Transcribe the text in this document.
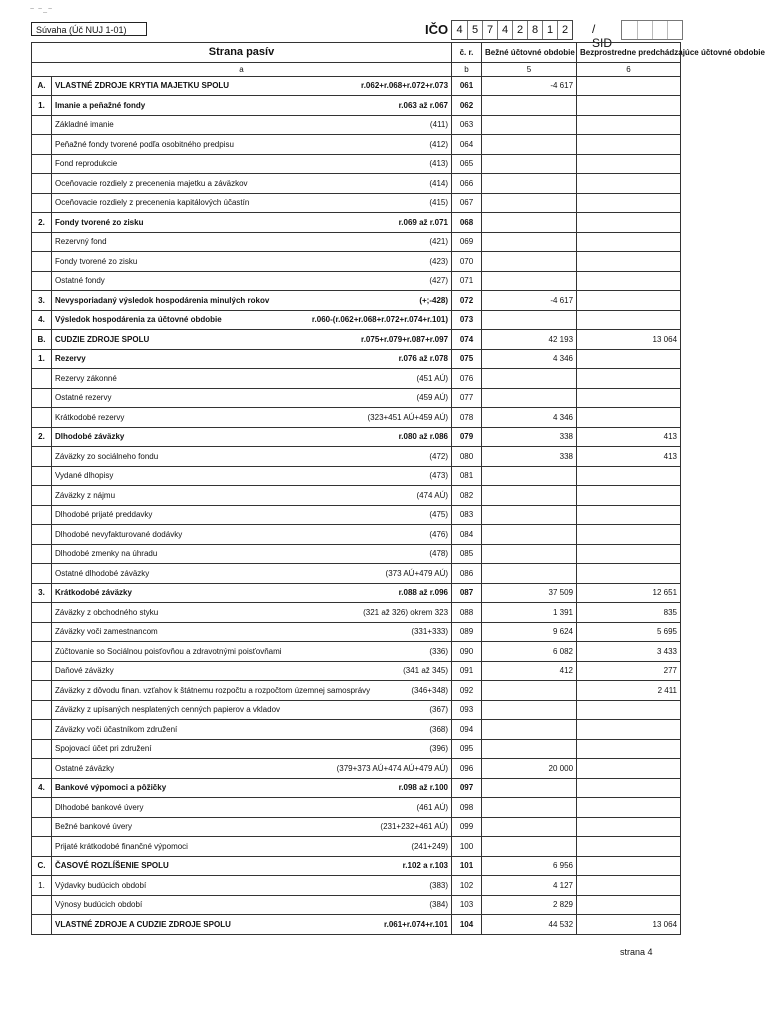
~ ~_~
Súvaha (Úč NUJ 1-01)	IČO 4 5 7 4 2 8 1 2	/ SID
Strana pasív		č. r.	Bežné účtovné obdobie	Bezprostredne predchádzajúce účtovné obdobie
a		b	5	6
A.	VLASTNÉ ZDROJE KRYTIA MAJETKU SPOLU r.062+r.068+r.072+r.073	061	-4 617	
1.	Imanie a peňažné fondy r.063 až r.067	062		

	Základné imanie (411)	063		

	Peňažné fondy tvorené podľa osobitného predpisu (412)	064		

	Fond reprodukcie (413)	065		

	Oceňovacie rozdiely z precenenia majetku a záväzkov (414)	066		

	Oceňovacie rozdiely z precenenia kapitálových účastín (415)	067		
2.	Fondy tvorené zo zisku r.069 až r.071	068		

	Rezervný fond (421)	069		

	Fondy tvorené zo zisku (423)	070		

	Ostatné fondy (427)	071		
3.	Nevysporiadaný výsledok hospodárenia minulých rokov (+;-428)	072	-4 617	
4.	Výsledok hospodárenia za účtovné obdobie r.060-(r.062+r.068+r.072+r.074+r.101)	073		
B.	CUDZIE ZDROJE SPOLU r.075+r.079+r.087+r.097	074	42 193	13 064
1.	Rezervy r.076 až r.078	075	4 346	

	Rezervy zákonné (451 AÚ)	076		

	Ostatné rezervy (459 AÚ)	077		

	Krátkodobé rezervy (323+451 AÚ+459 AÚ)	078	4 346	
2.	Dlhodobé záväzky r.080 až r.086	079	338	413

	Záväzky zo sociálneho fondu (472)	080	338	413

	Vydané dlhopisy (473)	081		

	Záväzky z nájmu (474 AÚ)	082		

	Dlhodobé prijaté preddavky (475)	083		

	Dlhodobé nevyfakturované dodávky (476)	084		

	Dlhodobé zmenky na úhradu (478)	085		

	Ostatné dlhodobé záväzky (373 AÚ+479 AÚ)	086		
3.	Krátkodobé záväzky r.088 až r.096	087	37 509	12 651

	Záväzky z obchodného styku (321 až 326) okrem 323	088	1 391	835

	Záväzky voči zamestnancom (331+333)	089	9 624	5 695

	Zúčtovanie so Sociálnou poisťovňou a zdravotnými poisťovňami (336)	090	6 082	3 433

	Daňové záväzky (341 až 345)	091	412	277

	Záväzky z dôvodu finan. vzťahov k štátnemu rozpočtu a rozpočtom územnej samosprávy (346+348)	092		2 411

	Záväzky z upísaných nesplatených cenných papierov a vkladov (367)	093		

	Záväzky voči účastníkom združení (368)	094		

	Spojovací účet pri združení (396)	095		

	Ostatné záväzky (379+373 AÚ+474 AÚ+479 AÚ)	096	20 000	
4.	Bankové výpomoci a pôžičky r.098 až r.100	097		

	Dlhodobé bankové úvery (461 AÚ)	098		

	Bežné bankové úvery (231+232+461 AÚ)	099		

	Prijaté krátkodobé finančné výpomoci (241+249)	100		
C.	ČASOVÉ ROZLÍŠENIE SPOLU r.102 a r.103	101	6 956	
1.	Výdavky budúcich období (383)	102	4 127	

	Výnosy budúcich období (384)	103	2 829	

	VLASTNÉ ZDROJE A CUDZIE ZDROJE SPOLU r.061+r.074+r.101	104	44 532	13 064
strana 4
